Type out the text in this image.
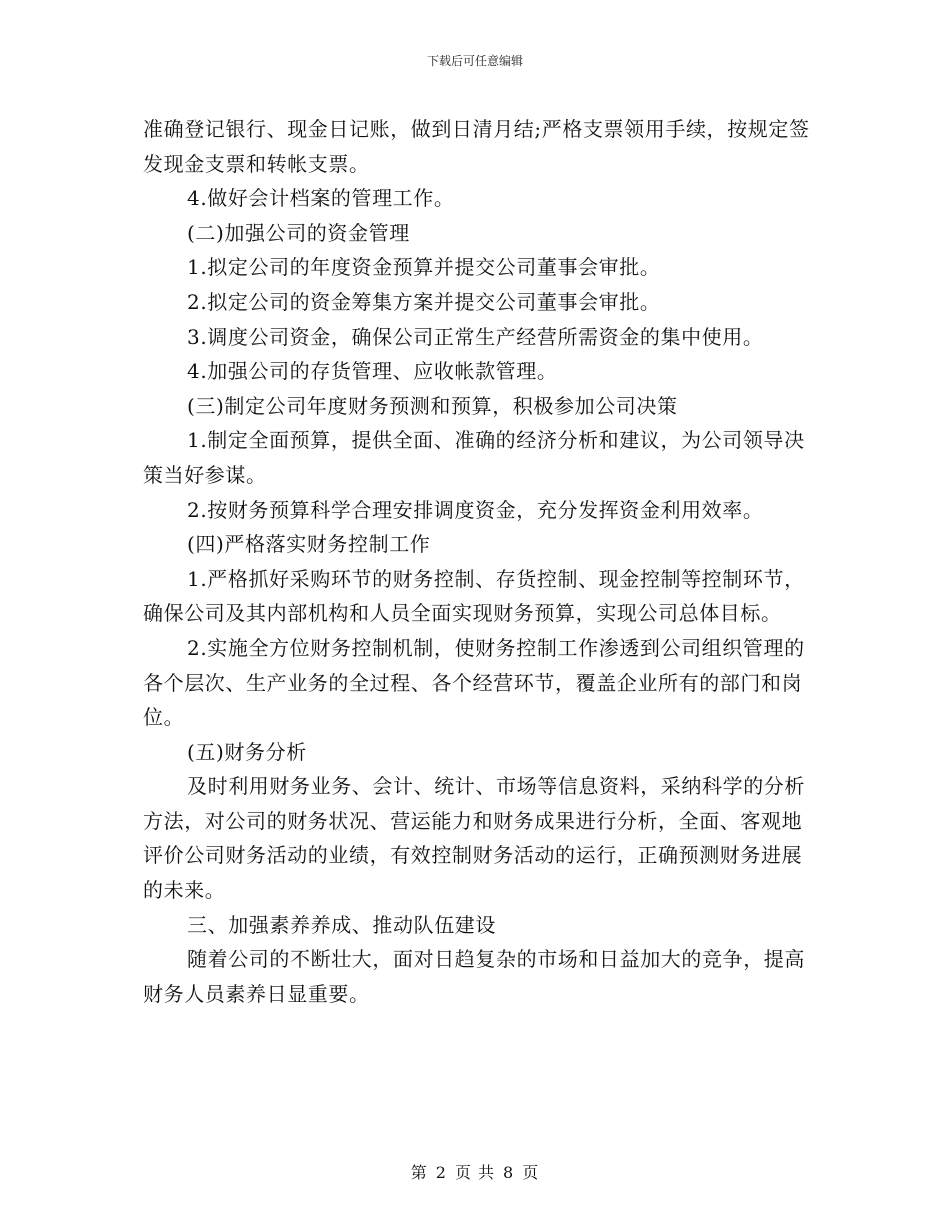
下载后可任意编辑

准确登记银行、现金日记账，做到日清月结;严格支票领用手续，按规定签发现金支票和转帐支票。

4.做好会计档案的管理工作。

(二)加强公司的资金管理

1.拟定公司的年度资金预算并提交公司董事会审批。

2.拟定公司的资金筹集方案并提交公司董事会审批。

3.调度公司资金，确保公司正常生产经营所需资金的集中使用。

4.加强公司的存货管理、应收帐款管理。

(三)制定公司年度财务预测和预算，积极参加公司决策

1.制定全面预算，提供全面、准确的经济分析和建议，为公司领导决策当好参谋。

2.按财务预算科学合理安排调度资金，充分发挥资金利用效率。

(四)严格落实财务控制工作

1.严格抓好采购环节的财务控制、存货控制、现金控制等控制环节，确保公司及其内部机构和人员全面实现财务预算，实现公司总体目标。

2.实施全方位财务控制机制，使财务控制工作渗透到公司组织管理的各个层次、生产业务的全过程、各个经营环节，覆盖企业所有的部门和岗位。

(五)财务分析

及时利用财务业务、会计、统计、市场等信息资料，采纳科学的分析方法，对公司的财务状况、营运能力和财务成果进行分析，全面、客观地评价公司财务活动的业绩，有效控制财务活动的运行，正确预测财务进展的未来。

三、加强素养养成、推动队伍建设

随着公司的不断壮大，面对日趋复杂的市场和日益加大的竞争，提高财务人员素养日显重要。

第 2 页 共 8 页
